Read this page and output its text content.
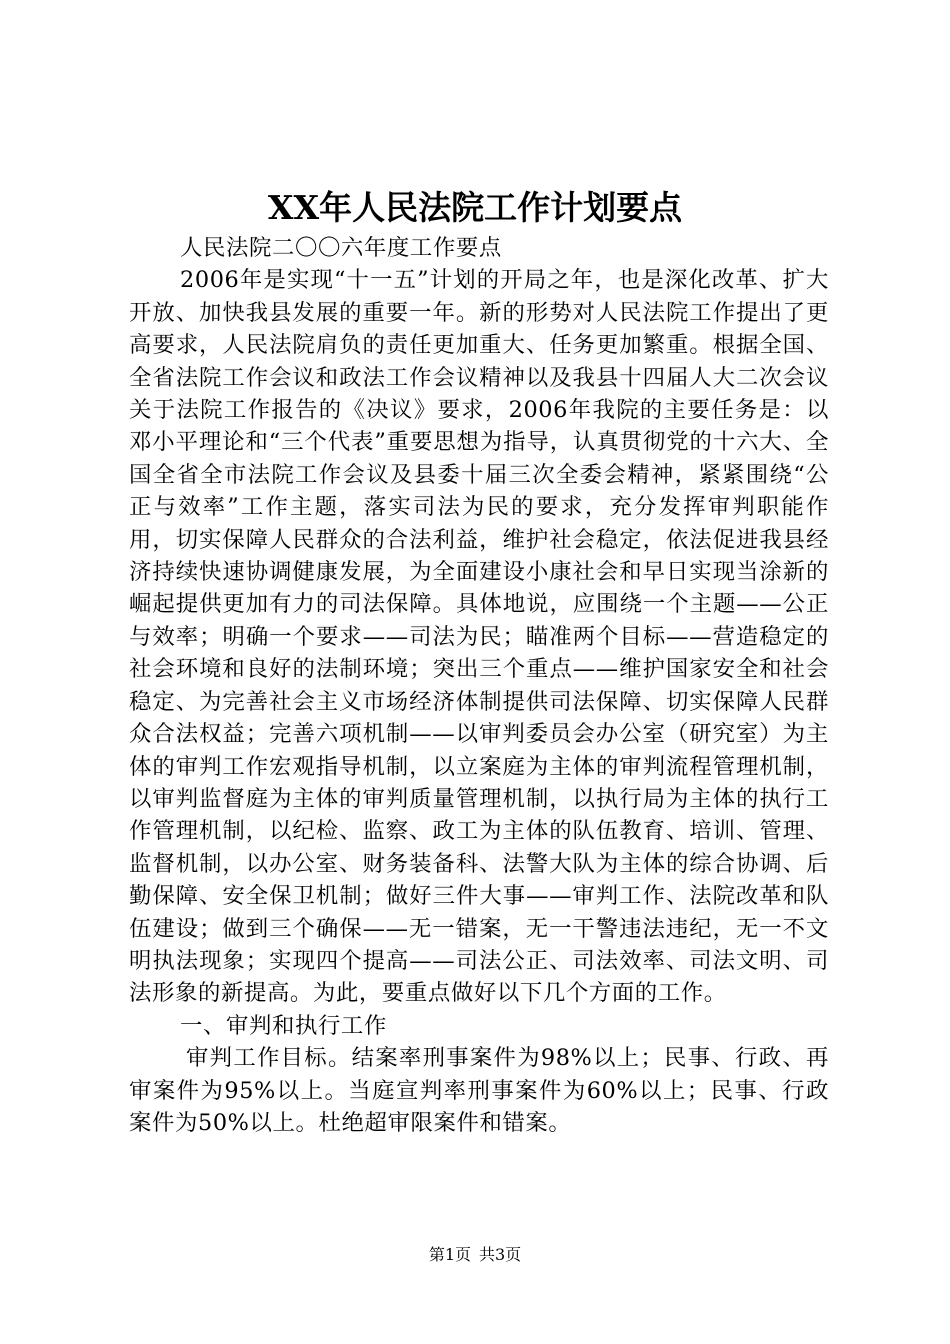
XX年人民法院工作计划要点

人民法院二〇〇六年度工作要点

2006年是实现“十一五”计划的开局之年，也是深化改革、扩大开放、加快我县发展的重要一年。新的形势对人民法院工作提出了更高要求，人民法院肩负的责任更加重大、任务更加繁重。根据全国、全省法院工作会议和政法工作会议精神以及我县十四届人大二次会议关于法院工作报告的《决议》要求，2006年我院的主要任务是：以邓小平理论和“三个代表”重要思想为指导，认真贯彻党的十六大、全国全省全市法院工作会议及县委十届三次全委会精神，紧紧围绕“公正与效率”工作主题，落实司法为民的要求，充分发挥审判职能作用，切实保障人民群众的合法利益，维护社会稳定，依法促进我县经济持续快速协调健康发展，为全面建设小康社会和早日实现当涂新的崛起提供更加有力的司法保障。具体地说，应围绕一个主题——公正与效率；明确一个要求——司法为民；瞄准两个目标——营造稳定的社会环境和良好的法制环境；突出三个重点——维护国家安全和社会稳定、为完善社会主义市场经济体制提供司法保障、切实保障人民群众合法权益；完善六项机制——以审判委员会办公室（研究室）为主体的审判工作宏观指导机制，以立案庭为主体的审判流程管理机制，以审判监督庭为主体的审判质量管理机制，以执行局为主体的执行工作管理机制，以纪检、监察、政工为主体的队伍教育、培训、管理、监督机制，以办公室、财务装备科、法警大队为主体的综合协调、后勤保障、安全保卫机制；做好三件大事——审判工作、法院改革和队伍建设；做到三个确保——无一错案，无一干警违法违纪，无一不文明执法现象；实现四个提高——司法公正、司法效率、司法文明、司法形象的新提高。为此，要重点做好以下几个方面的工作。

一、审判和执行工作

审判工作目标。结案率刑事案件为98%以上；民事、行政、再审案件为95%以上。当庭宣判率刑事案件为60%以上；民事、行政案件为50%以上。杜绝超审限案件和错案。

第1页 共3页
